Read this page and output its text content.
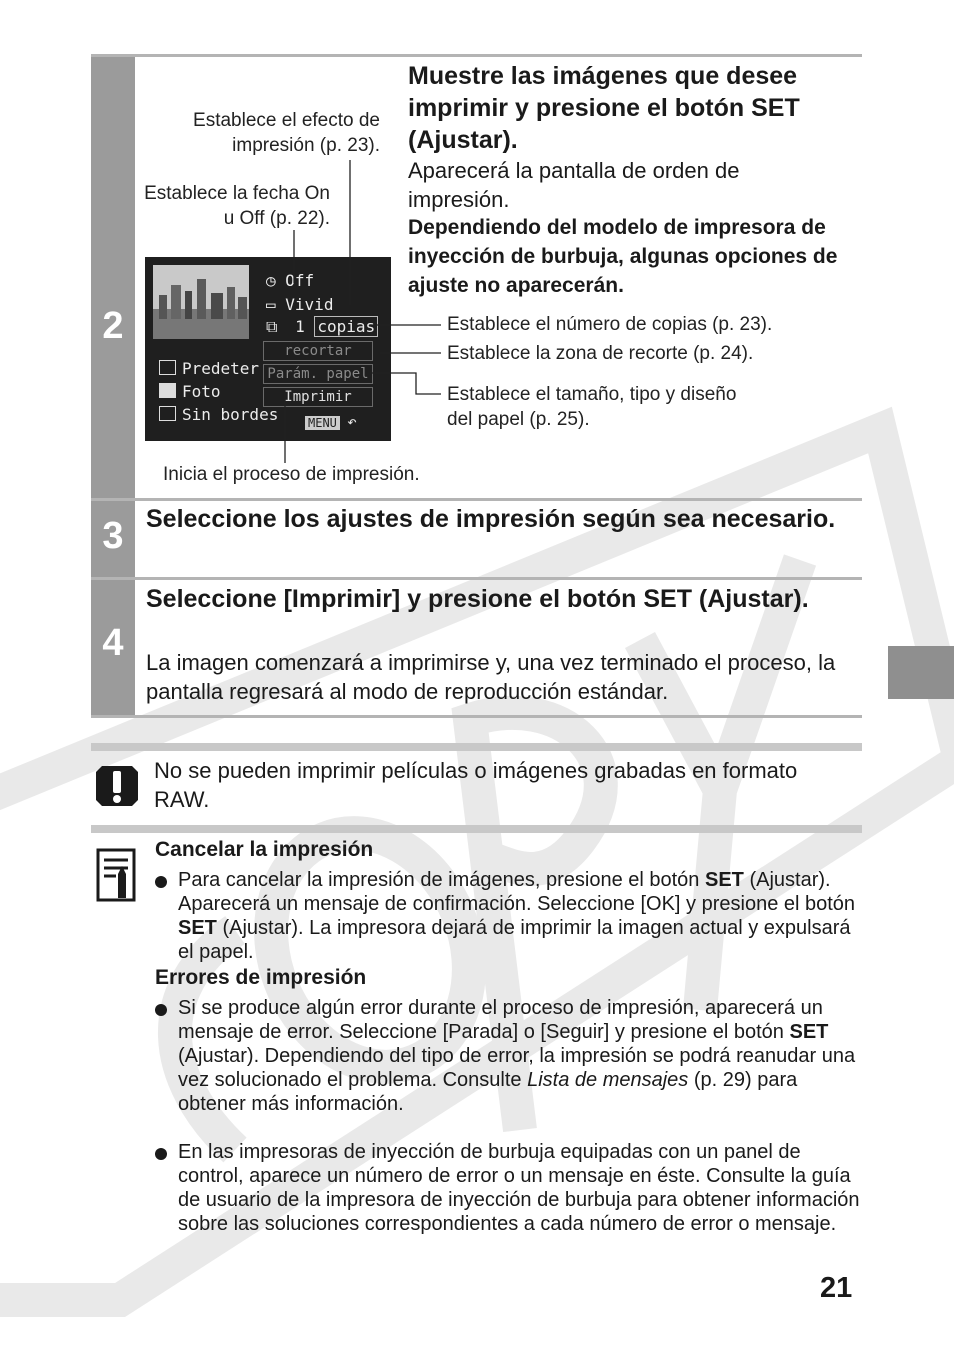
2
Muestre las imágenes que desee imprimir y presione el botón SET (Ajustar).
Aparecerá la pantalla de orden de impresión.
Dependiendo del modelo de impresora de inyección de burbuja, algunas opciones de ajuste no aparecerán.
Establece el efecto de impresión (p. 23).
Establece la fecha On u Off (p. 22).
Establece el número de copias (p. 23).
Establece la zona de recorte (p. 24).
Establece el tamaño, tipo y diseño del papel (p. 25).
Inicia el proceso de impresión.
◷ Off
▭ Vivid
⧉ 1 copias
recortar
Parám. papel
Imprimir
Predeter
Foto
Sin bordes MENU ↶
3 Seleccione los ajustes de impresión según sea necesario.
4
Seleccione [Imprimir] y presione el botón SET (Ajustar).
La imagen comenzará a imprimirse y, una vez terminado el proceso, la pantalla regresará al modo de reproducción estándar.
No se pueden imprimir películas o imágenes grabadas en formato RAW.
Cancelar la impresión
Para cancelar la impresión de imágenes, presione el botón SET (Ajustar). Aparecerá un mensaje de confirmación. Seleccione [OK] y presione el botón SET (Ajustar). La impresora dejará de imprimir la imagen actual y expulsará el papel.
Errores de impresión
Si se produce algún error durante el proceso de impresión, aparecerá un mensaje de error. Seleccione [Parada] o [Seguir] y presione el botón SET (Ajustar). Dependiendo del tipo de error, la impresión se podrá reanudar una vez solucionado el problema. Consulte Lista de mensajes (p. 29) para obtener más información.
En las impresoras de inyección de burbuja equipadas con un panel de control, aparece un número de error o un mensaje en éste. Consulte la guía de usuario de la impresora de inyección de burbuja para obtener información sobre las soluciones correspondientes a cada número de error o mensaje.
21
